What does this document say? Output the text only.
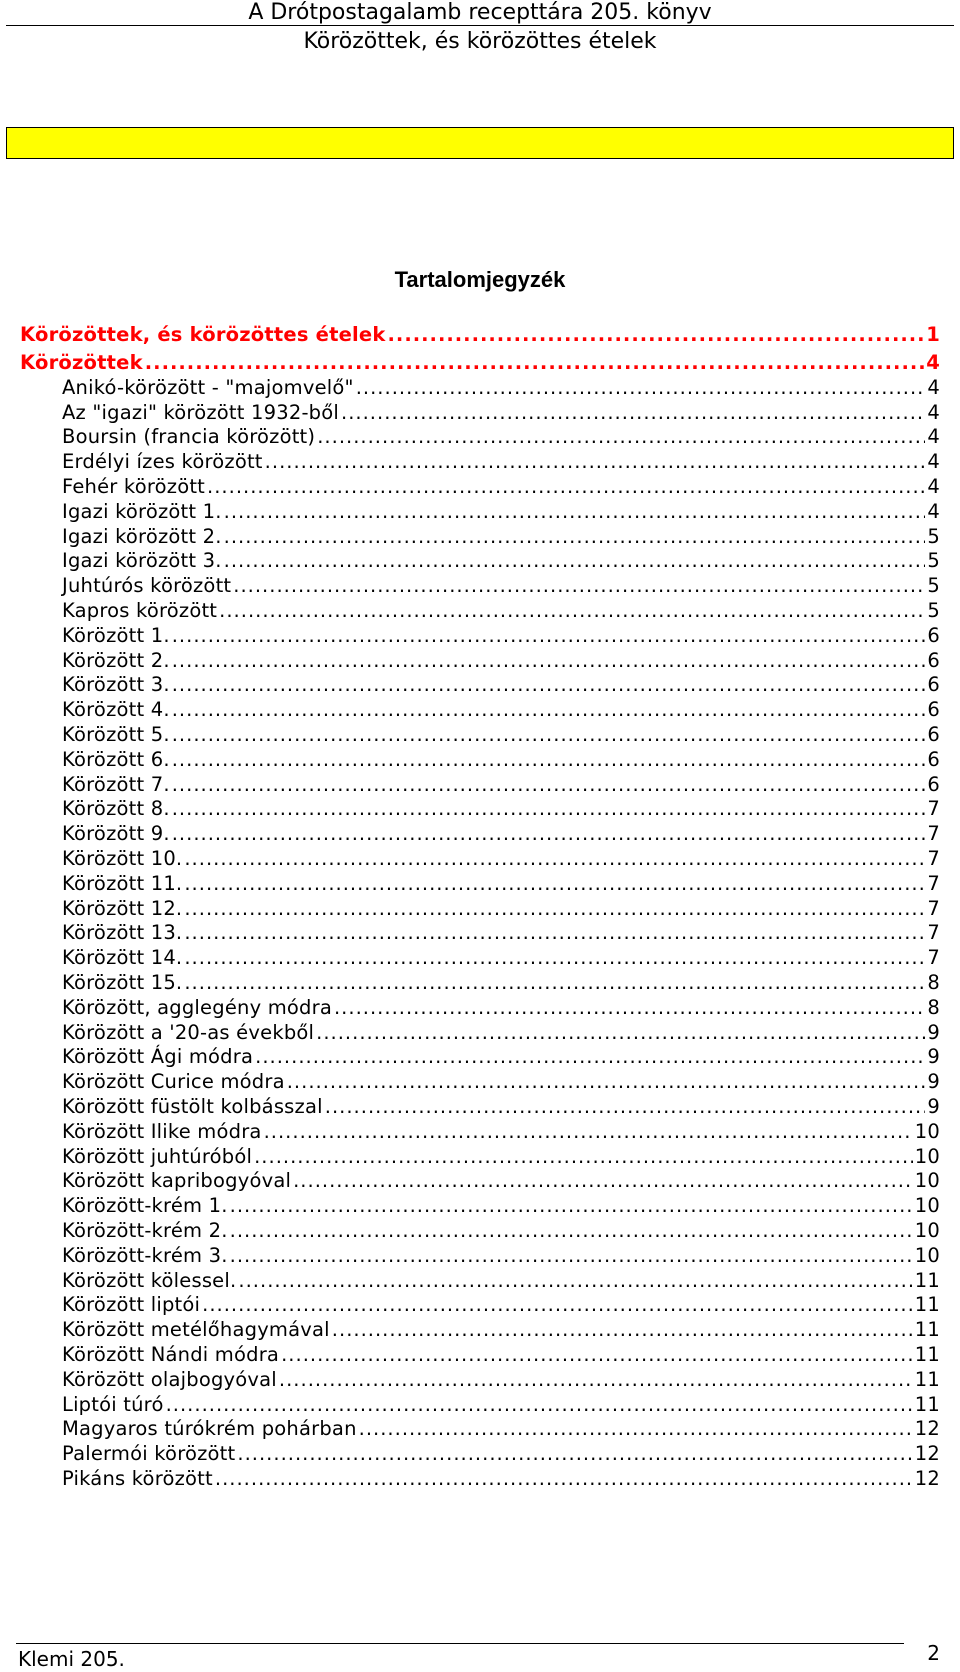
A Drótpostagalamb recepttára 205. könyv
Körözöttek, és körözöttes ételek
Tartalomjegyzék
Körözöttek, és körözöttes ételek .....	1
Körözöttek .....	4
Anikó-körözött - "majomvelő" .....	4
Az "igazi" körözött 1932-ből .....	4
Boursin (francia körözött) .....	4
Erdélyi ízes körözött .....	4
Fehér körözött .....	4
Igazi körözött 1. .....	4
Igazi körözött 2. .....	5
Igazi körözött 3. .....	5
Juhtúrós körözött .....	5
Kapros körözött .....	5
Körözött 1. .....	6
Körözött 2. .....	6
Körözött 3. .....	6
Körözött 4. .....	6
Körözött 5. .....	6
Körözött 6. .....	6
Körözött 7. .....	6
Körözött 8. .....	7
Körözött 9. .....	7
Körözött 10. .....	7
Körözött 11. .....	7
Körözött 12. .....	7
Körözött 13. .....	7
Körözött 14. .....	7
Körözött 15. .....	8
Körözött, agglegény módra .....	8
Körözött a '20-as évekből .....	9
Körözött Ági módra .....	9
Körözött Curice módra .....	9
Körözött füstölt kolbásszal .....	9
Körözött Ilike módra .....	10
Körözött juhtúróból .....	10
Körözött kapribogyóval .....	10
Körözött-krém 1. .....	10
Körözött-krém 2. .....	10
Körözött-krém 3. .....	10
Körözött kölessel. .....	11
Körözött liptói .....	11
Körözött metélőhagymával .....	11
Körözött Nándi módra .....	11
Körözött olajbogyóval .....	11
Liptói túró .....	11
Magyaros túrókrém pohárban .....	12
Palermói körözött .....	12
Pikáns körözött .....	12
Klemi 205.	2
